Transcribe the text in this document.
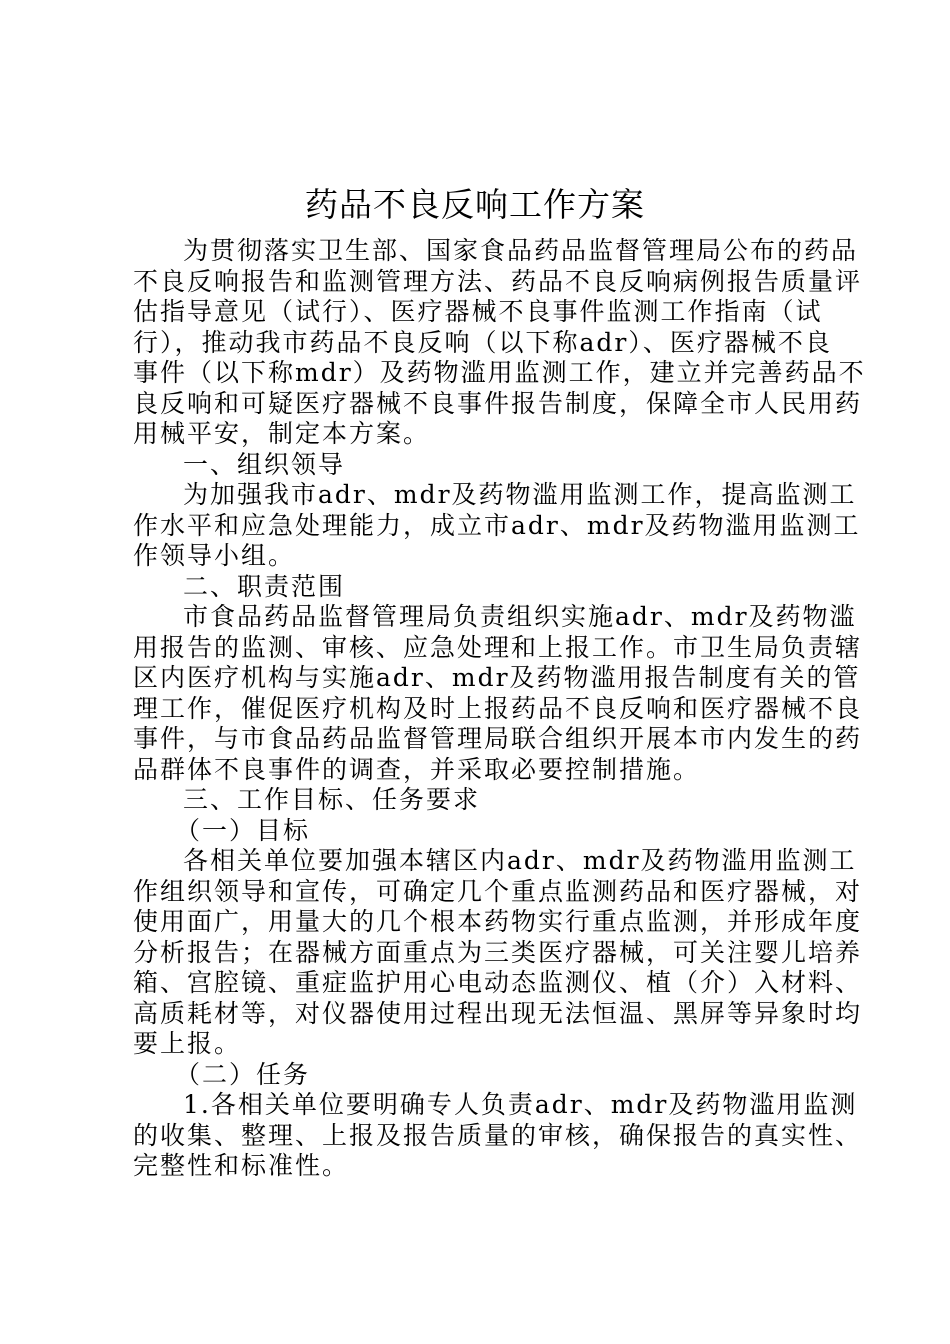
药品不良反响工作方案
为贯彻落实卫生部、国家食品药品监督管理局公布的药品
不良反响报告和监测管理方法、药品不良反响病例报告质量评
估指导意见（试行）、医疗器械不良事件监测工作指南（试
行），推动我市药品不良反响（以下称adr）、医疗器械不良
事件（以下称mdr）及药物滥用监测工作，建立并完善药品不
良反响和可疑医疗器械不良事件报告制度，保障全市人民用药
用械平安，制定本方案。
一、组织领导
为加强我市adr、mdr及药物滥用监测工作，提高监测工
作水平和应急处理能力，成立市adr、mdr及药物滥用监测工
作领导小组。
二、职责范围
市食品药品监督管理局负责组织实施adr、mdr及药物滥
用报告的监测、审核、应急处理和上报工作。市卫生局负责辖
区内医疗机构与实施adr、mdr及药物滥用报告制度有关的管
理工作，催促医疗机构及时上报药品不良反响和医疗器械不良
事件，与市食品药品监督管理局联合组织开展本市内发生的药
品群体不良事件的调查，并采取必要控制措施。
三、工作目标、任务要求
（一）目标
各相关单位要加强本辖区内adr、mdr及药物滥用监测工
作组织领导和宣传，可确定几个重点监测药品和医疗器械，对
使用面广，用量大的几个根本药物实行重点监测，并形成年度
分析报告；在器械方面重点为三类医疗器械，可关注婴儿培养
箱、宫腔镜、重症监护用心电动态监测仪、植（介）入材料、
高质耗材等，对仪器使用过程出现无法恒温、黑屏等异象时均
要上报。
（二）任务
1.各相关单位要明确专人负责adr、mdr及药物滥用监测
的收集、整理、上报及报告质量的审核，确保报告的真实性、
完整性和标准性。
